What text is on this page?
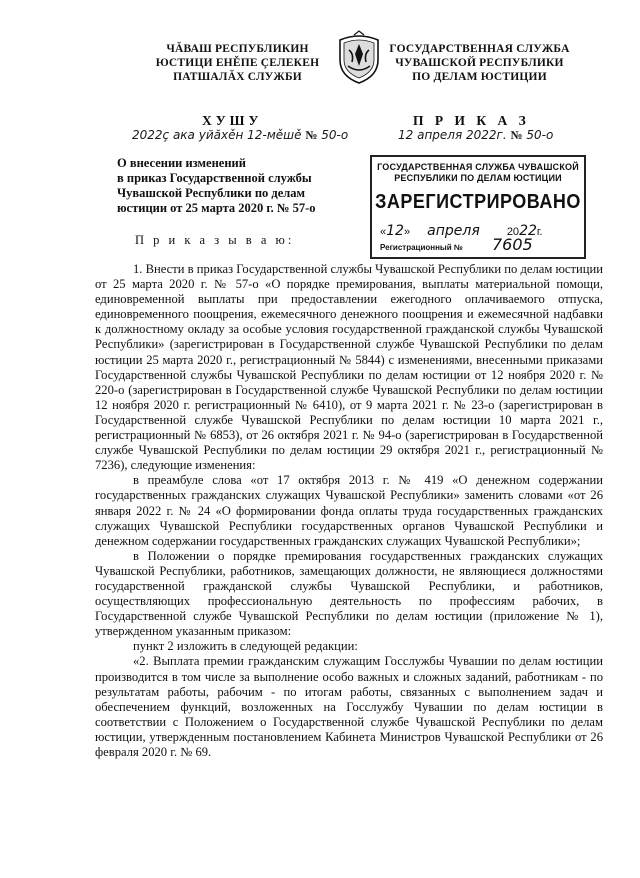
ЧĂВАШ РЕСПУБЛИКИН
ЮСТИЦИ ЕНĚПЕ ÇЕЛЕКЕН
ПАТШАЛĂХ СЛУЖБИ
ГОСУДАРСТВЕННАЯ СЛУЖБА
ЧУВАШСКОЙ РЕСПУБЛИКИ
ПО ДЕЛАМ ЮСТИЦИИ
ХУШУ	П Р И К А З
2022ç ака уйăхěн 12-мěшě № 50-о	12 апреля 2022г. № 50-о
О внесении изменений
в приказ Государственной службы
Чувашской Республики по делам
юстиции от 25 марта 2020 г. № 57-о
ГОСУДАРСТВЕННАЯ СЛУЖБА ЧУВАШСКОЙ
РЕСПУБЛИКИ ПО ДЕЛАМ ЮСТИЦИИ
ЗАРЕГИСТРИРОВАНО
«12» апреля 2022г.
Регистрационный № 7605
П р и к а з ы в а ю:

1. Внести в приказ Государственной службы Чувашской Республики по делам юстиции от 25 марта 2020 г. № 57-о «О порядке премирования, выплаты материальной помощи, единовременной выплаты при предоставлении ежегодного оплачиваемого отпуска, единовременного поощрения, ежемесячного денежного поощрения и ежемесячной надбавки к должностному окладу за особые условия государственной гражданской службы Чувашской Республики» (зарегистрирован в Государственной службе Чувашской Республики по делам юстиции 25 марта 2020 г., регистрационный № 5844) с изменениями, внесенными приказами Государственной службы Чувашской Республики по делам юстиции от 12 ноября 2020 г. № 220-о (зарегистрирован в Государственной службе Чувашской Республики по делам юстиции 12 ноября 2020 г. регистрационный № 6410), от 9 марта 2021 г. № 23-о (зарегистрирован в Государственной службе Чувашской Республики по делам юстиции 10 марта 2021 г., регистрационный № 6853), от 26 октября 2021 г. № 94-о (зарегистрирован в Государственной службе Чувашской Республики по делам юстиции 29 октября 2021 г., регистрационный № 7236), следующие изменения:

в преамбуле слова «от 17 октября 2013 г. № 419 «О денежном содержании государственных гражданских служащих Чувашской Республики» заменить словами «от 26 января 2022 г. № 24 «О формировании фонда оплаты труда государственных гражданских служащих Чувашской Республики государственных органов Чувашской Республики и денежном содержании государственных гражданских служащих Чувашской Республики»;

в Положении о порядке премирования государственных гражданских служащих Чувашской Республики, работников, замещающих должности, не являющиеся должностями государственной гражданской службы Чувашской Республики, и работников, осуществляющих профессиональную деятельность по профессиям рабочих, в Государственной службе Чувашской Республики по делам юстиции (приложение № 1), утвержденном указанным приказом:

пункт 2 изложить в следующей редакции:

«2. Выплата премии гражданским служащим Госслужбы Чувашии по делам юстиции производится в том числе за выполнение особо важных и сложных заданий, работникам - по результатам работы, рабочим - по итогам работы, связанных с выполнением задач и обеспечением функций, возложенных на Госслужбу Чувашии по делам юстиции в соответствии с Положением о Государственной службе Чувашской Республики по делам юстиции, утвержденным постановлением Кабинета Министров Чувашской Республики от 26 февраля 2020 г. № 69.
